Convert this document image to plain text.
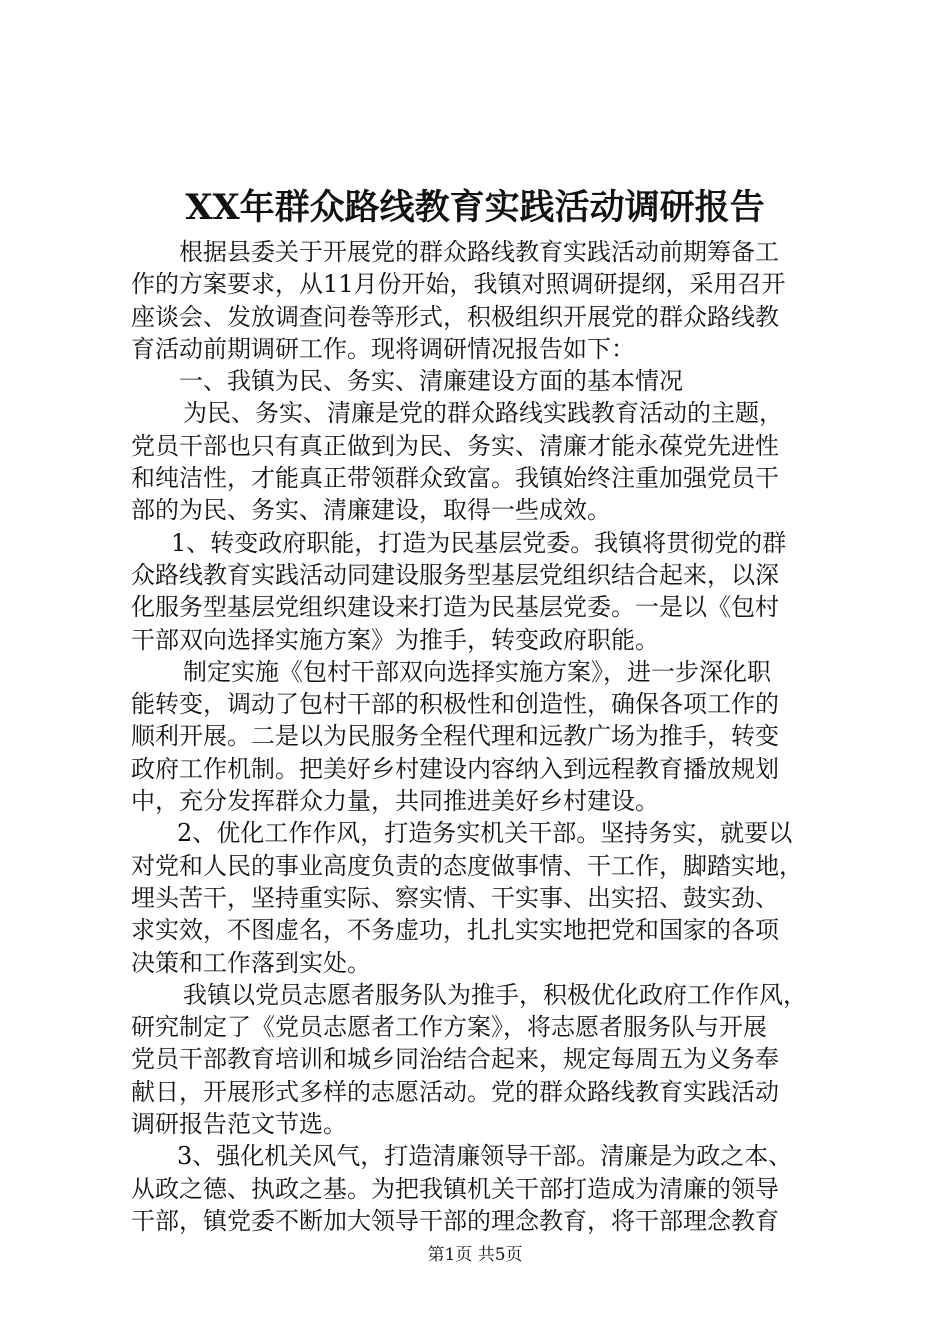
XX年群众路线教育实践活动调研报告
根据县委关于开展党的群众路线教育实践活动前期筹备工
作的方案要求，从11月份开始，我镇对照调研提纲，采用召开
座谈会、发放调查问卷等形式，积极组织开展党的群众路线教
育活动前期调研工作。现将调研情况报告如下：
一、我镇为民、务实、清廉建设方面的基本情况
为民、务实、清廉是党的群众路线实践教育活动的主题，
党员干部也只有真正做到为民、务实、清廉才能永葆党先进性
和纯洁性，才能真正带领群众致富。我镇始终注重加强党员干
部的为民、务实、清廉建设，取得一些成效。
1、转变政府职能，打造为民基层党委。我镇将贯彻党的群
众路线教育实践活动同建设服务型基层党组织结合起来，以深
化服务型基层党组织建设来打造为民基层党委。一是以《包村
干部双向选择实施方案》为推手，转变政府职能。
制定实施《包村干部双向选择实施方案》，进一步深化职
能转变，调动了包村干部的积极性和创造性，确保各项工作的
顺利开展。二是以为民服务全程代理和远教广场为推手，转变
政府工作机制。把美好乡村建设内容纳入到远程教育播放规划
中，充分发挥群众力量，共同推进美好乡村建设。
2、优化工作作风，打造务实机关干部。坚持务实，就要以
对党和人民的事业高度负责的态度做事情、干工作，脚踏实地，
埋头苦干，坚持重实际、察实情、干实事、出实招、鼓实劲、
求实效，不图虚名，不务虚功，扎扎实实地把党和国家的各项
决策和工作落到实处。
我镇以党员志愿者服务队为推手，积极优化政府工作作风，
研究制定了《党员志愿者工作方案》，将志愿者服务队与开展
党员干部教育培训和城乡同治结合起来，规定每周五为义务奉
献日，开展形式多样的志愿活动。党的群众路线教育实践活动
调研报告范文节选。
3、强化机关风气，打造清廉领导干部。清廉是为政之本、
从政之德、执政之基。为把我镇机关干部打造成为清廉的领导
干部，镇党委不断加大领导干部的理念教育，将干部理念教育
第1页 共5页
